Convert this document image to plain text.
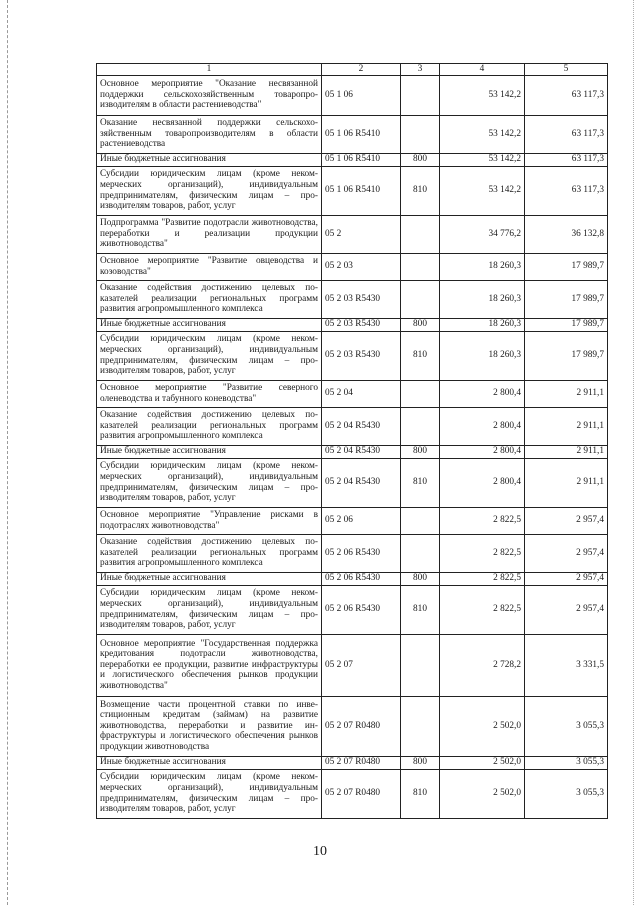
1	2	3	4	5
Основное мероприятие "Оказание несвязанной поддержки сельскохозяйственным товаропроизводителям в области растениеводства"	05 1 06		53 142,2	63 117,3
Оказание несвязанной поддержки сельскохозяйственным товаропроизводителям в области растениеводства	05 1 06 R5410		53 142,2	63 117,3
Иные бюджетные ассигнования	05 1 06 R5410	800	53 142,2	63 117,3
Субсидии юридическим лицам (кроме некоммерческих организаций), индивидуальным предпринимателям, физическим лицам – производителям товаров, работ, услуг	05 1 06 R5410	810	53 142,2	63 117,3
Подпрограмма "Развитие подотрасли животноводства, переработки и реализации продукции животноводства"	05 2		34 776,2	36 132,8
Основное мероприятие "Развитие овцеводства и козоводства"	05 2 03		18 260,3	17 989,7
Оказание содействия достижению целевых показателей реализации региональных программ развития агропромышленного комплекса	05 2 03 R5430		18 260,3	17 989,7
Иные бюджетные ассигнования	05 2 03 R5430	800	18 260,3	17 989,7
Субсидии юридическим лицам (кроме некоммерческих организаций), индивидуальным предпринимателям, физическим лицам – производителям товаров, работ, услуг	05 2 03 R5430	810	18 260,3	17 989,7
Основное мероприятие "Развитие северного оленеводства и табунного коневодства"	05 2 04		2 800,4	2 911,1
Оказание содействия достижению целевых показателей реализации региональных программ развития агропромышленного комплекса	05 2 04 R5430		2 800,4	2 911,1
Иные бюджетные ассигнования	05 2 04 R5430	800	2 800,4	2 911,1
Субсидии юридическим лицам (кроме некоммерческих организаций), индивидуальным предпринимателям, физическим лицам – производителям товаров, работ, услуг	05 2 04 R5430	810	2 800,4	2 911,1
Основное мероприятие "Управление рисками в подотраслях животноводства"	05 2 06		2 822,5	2 957,4
Оказание содействия достижению целевых показателей реализации региональных программ развития агропромышленного комплекса	05 2 06 R5430		2 822,5	2 957,4
Иные бюджетные ассигнования	05 2 06 R5430	800	2 822,5	2 957,4
Субсидии юридическим лицам (кроме некоммерческих организаций), индивидуальным предпринимателям, физическим лицам – производителям товаров, работ, услуг	05 2 06 R5430	810	2 822,5	2 957,4
Основное мероприятие "Государственная поддержка кредитования подотрасли животноводства, переработки ее продукции, развитие инфраструктуры и логистического обеспечения рынков продукции животноводства"	05 2 07		2 728,2	3 331,5
Возмещение части процентной ставки по инвестиционным кредитам (займам) на развитие животноводства, переработки и развитие инфраструктуры и логистического обеспечения рынков продукции животноводства	05 2 07 R0480		2 502,0	3 055,3
Иные бюджетные ассигнования	05 2 07 R0480	800	2 502,0	3 055,3
Субсидии юридическим лицам (кроме некоммерческих организаций), индивидуальным предпринимателям, физическим лицам – производителям товаров, работ, услуг	05 2 07 R0480	810	2 502,0	3 055,3
10
